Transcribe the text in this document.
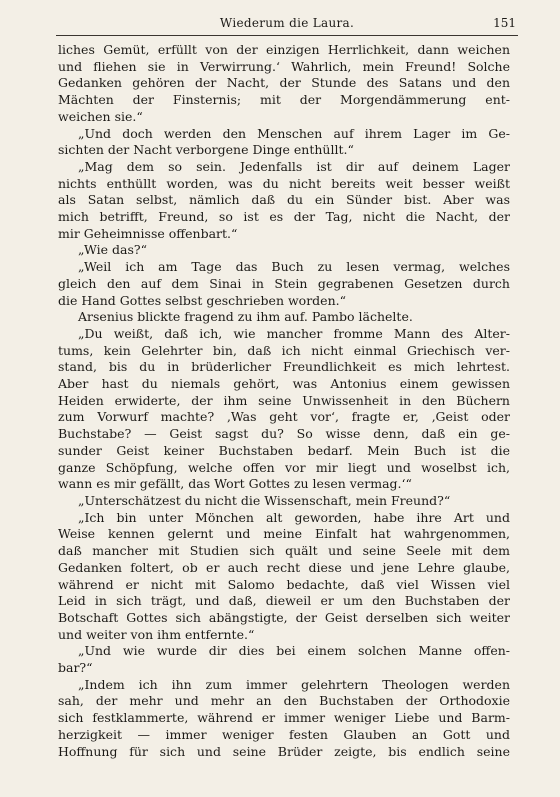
Wiederum die Laura.	151
liches Gemüt, erfüllt von der einzigen Herrlichkeit, dann weichen
und fliehen sie in Verwirrung.‘ Wahrlich, mein Freund! Solche
Gedanken gehören der Nacht, der Stunde des Satans und den
Mächten der Finsternis; mit der Morgendämmerung ent-
weichen sie.“
„Und doch werden den Menschen auf ihrem Lager im Ge-
sichten der Nacht verborgene Dinge enthüllt.“
„Mag dem so sein. Jedenfalls ist dir auf deinem Lager
nichts enthüllt worden, was du nicht bereits weit besser weißt
als Satan selbst, nämlich daß du ein Sünder bist. Aber was
mich betrifft, Freund, so ist es der Tag, nicht die Nacht, der
mir Geheimnisse offenbart.“
„Wie das?“
„Weil ich am Tage das Buch zu lesen vermag, welches
gleich den auf dem Sinai in Stein gegrabenen Gesetzen durch
die Hand Gottes selbst geschrieben worden.“
Arsenius blickte fragend zu ihm auf. Pambo lächelte.
„Du weißt, daß ich, wie mancher fromme Mann des Alter-
tums, kein Gelehrter bin, daß ich nicht einmal Griechisch ver-
stand, bis du in brüderlicher Freundlichkeit es mich lehrtest.
Aber hast du niemals gehört, was Antonius einem gewissen
Heiden erwiderte, der ihm seine Unwissenheit in den Büchern
zum Vorwurf machte? ‚Was geht vor‘, fragte er, ‚Geist oder
Buchstabe? — Geist sagst du? So wisse denn, daß ein ge-
sunder Geist keiner Buchstaben bedarf. Mein Buch ist die
ganze Schöpfung, welche offen vor mir liegt und woselbst ich,
wann es mir gefällt, das Wort Gottes zu lesen vermag.‘“
„Unterschätzest du nicht die Wissenschaft, mein Freund?“
„Ich bin unter Mönchen alt geworden, habe ihre Art und
Weise kennen gelernt und meine Einfalt hat wahrgenommen,
daß mancher mit Studien sich quält und seine Seele mit dem
Gedanken foltert, ob er auch recht diese und jene Lehre glaube,
während er nicht mit Salomo bedachte, daß viel Wissen viel
Leid in sich trägt, und daß, dieweil er um den Buchstaben der
Botschaft Gottes sich abängstigte, der Geist derselben sich weiter
und weiter von ihm entfernte.“
„Und wie wurde dir dies bei einem solchen Manne offen-
bar?“
„Indem ich ihn zum immer gelehrtern Theologen werden
sah, der mehr und mehr an den Buchstaben der Orthodoxie
sich festklammerte, während er immer weniger Liebe und Barm-
herzigkeit — immer weniger festen Glauben an Gott und
Hoffnung für sich und seine Brüder zeigte, bis endlich seine
